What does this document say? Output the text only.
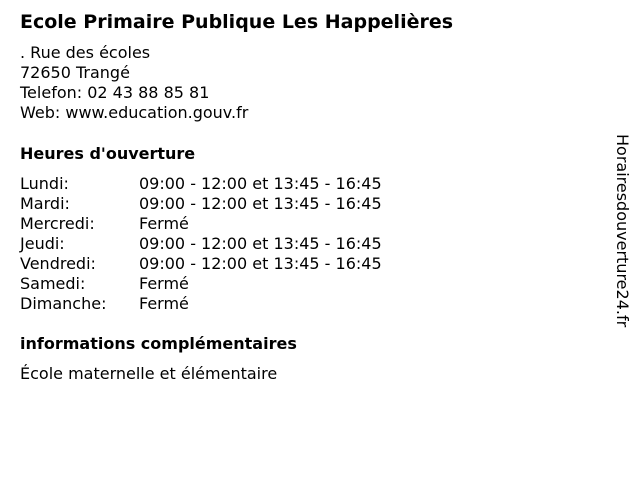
Ecole Primaire Publique Les Happelières
. Rue des écoles
72650 Trangé
Telefon: 02 43 88 85 81
Web: www.education.gouv.fr
Heures d'ouverture
Lundi:	09:00 - 12:00 et 13:45 - 16:45
Mardi:	09:00 - 12:00 et 13:45 - 16:45
Mercredi:	Fermé
Jeudi:	09:00 - 12:00 et 13:45 - 16:45
Vendredi:	09:00 - 12:00 et 13:45 - 16:45
Samedi:	Fermé
Dimanche: Fermé
informations complémentaires
École maternelle et élémentaire
Horairesdouverture24.fr
